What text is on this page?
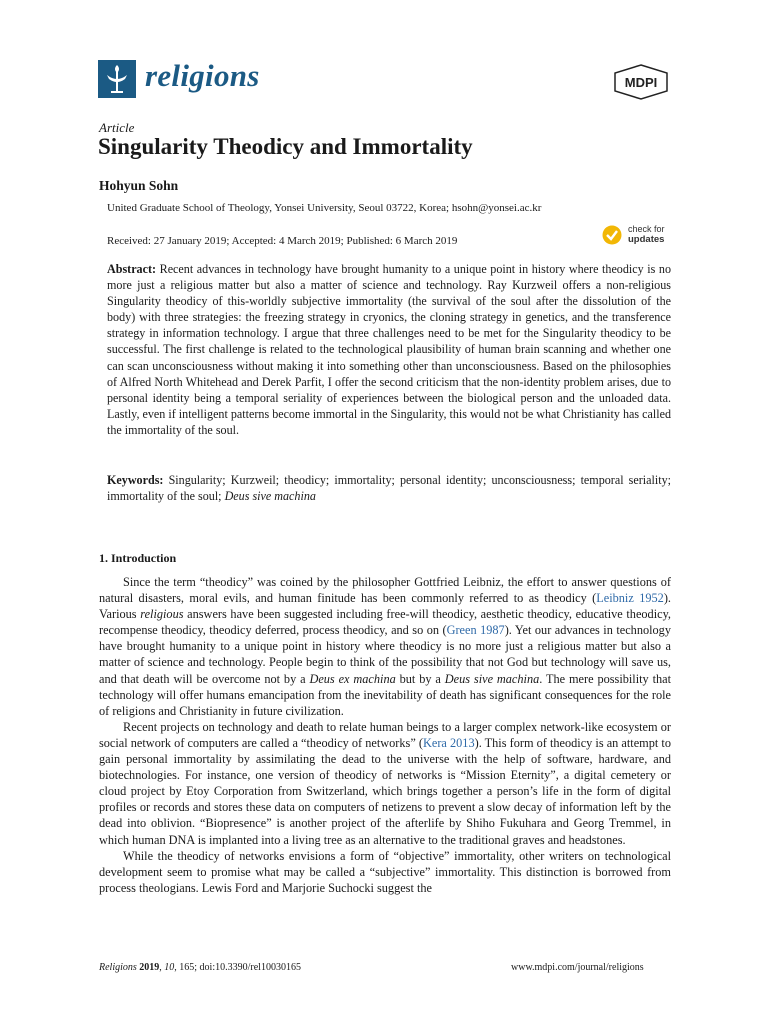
religions	MDPI
Article
Singularity Theodicy and Immortality
Hohyun Sohn
United Graduate School of Theology, Yonsei University, Seoul 03722, Korea; hsohn@yonsei.ac.kr
Received: 27 January 2019; Accepted: 4 March 2019; Published: 6 March 2019
check for
updates

Abstract: Recent advances in technology have brought humanity to a unique point in history where theodicy is no more just a religious matter but also a matter of science and technology. Ray Kurzweil offers a non-religious Singularity theodicy of this-worldly subjective immortality (the survival of the soul after the dissolution of the body) with three strategies: the freezing strategy in cryonics, the cloning strategy in genetics, and the transference strategy in information technology. I argue that three challenges need to be met for the Singularity theodicy to be successful. The first challenge is related to the technological plausibility of human brain scanning and whether one can scan unconsciousness without making it into something other than unconsciousness. Based on the philosophies of Alfred North Whitehead and Derek Parfit, I offer the second criticism that the non-identity problem arises, due to personal identity being a temporal seriality of experiences between the biological person and the unloaded data. Lastly, even if intelligent patterns become immortal in the Singularity, this would not be what Christianity has called the immortality of the soul.

Keywords: Singularity; Kurzweil; theodicy; immortality; personal identity; unconsciousness; temporal seriality; immortality of the soul; Deus sive machina

1. Introduction

Since the term “theodicy” was coined by the philosopher Gottfried Leibniz, the effort to answer questions of natural disasters, moral evils, and human finitude has been commonly referred to as theodicy (Leibniz 1952). Various religious answers have been suggested including free-will theodicy, aesthetic theodicy, educative theodicy, recompense theodicy, theodicy deferred, process theodicy, and so on (Green 1987). Yet our advances in technology have brought humanity to a unique point in history where theodicy is no more just a religious matter but also a matter of science and technology. People begin to think of the possibility that not God but technology will save us, and that death will be overcome not by a Deus ex machina but by a Deus sive machina. The mere possibility that technology will offer humans emancipation from the inevitability of death has significant consequences for the role of religions and Christianity in future civilization.

Recent projects on technology and death to relate human beings to a larger complex network-like ecosystem or social network of computers are called a “theodicy of networks” (Kera 2013). This form of theodicy is an attempt to gain personal immortality by assimilating the dead to the universe with the help of software, hardware, and biotechnologies. For instance, one version of theodicy of networks is “Mission Eternity”, a digital cemetery or cloud project by Etoy Corporation from Switzerland, which brings together a person’s life in the form of digital profiles or records and stores these data on computers of netizens to prevent a slow decay of information left by the dead into oblivion. “Biopresence” is another project of the afterlife by Shiho Fukuhara and Georg Tremmel, in which human DNA is implanted into a living tree as an alternative to the traditional graves and headstones.

While the theodicy of networks envisions a form of “objective” immortality, other writers on technological development seem to promise what may be called a “subjective” immortality. This distinction is borrowed from process theologians. Lewis Ford and Marjorie Suchocki suggest the

Religions 2019, 10, 165; doi:10.3390/rel10030165	www.mdpi.com/journal/religions
